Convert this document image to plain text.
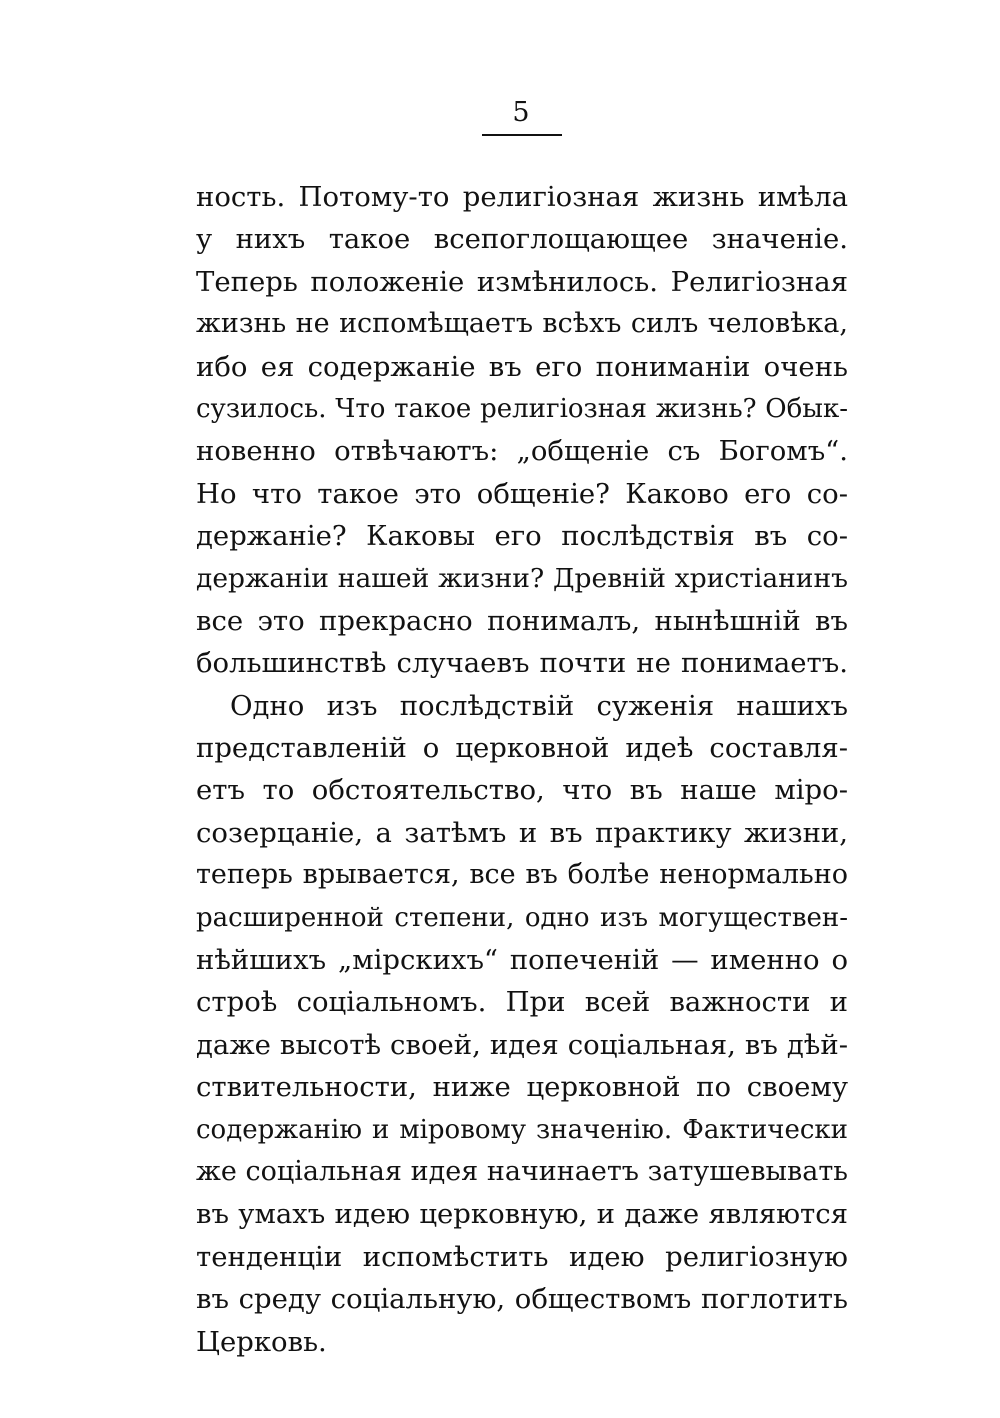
5
ность. Потому-то религіозная жизнь имѣла
у нихъ такое всепоглощающее значеніе.
Теперь положеніе измѣнилось. Религіозная
жизнь не испомѣщаетъ всѣхъ силъ человѣка,
ибо ея содержаніе въ его пониманіи очень
сузилось. Что такое религіозная жизнь? Обык-
новенно отвѣчаютъ: „общеніе съ Богомъ“.
Но что такое это общеніе? Каково его со-
держаніе? Каковы его послѣдствія въ со-
держаніи нашей жизни? Древній христіанинъ
все это прекрасно понималъ, нынѣшній въ
большинствѣ случаевъ почти не понимаетъ.
Одно изъ послѣдствій суженія нашихъ
представленій о церковной идеѣ составля-
етъ то обстоятельство, что въ наше міро-
созерцаніе, а затѣмъ и въ практику жизни,
теперь врывается, все въ болѣе ненормально
расширенной степени, одно изъ могуществен-
нѣйшихъ „мірскихъ“ попеченій — именно о
строѣ соціальномъ. При всей важности и
даже высотѣ своей, идея соціальная, въ дѣй-
ствительности, ниже церковной по своему
содержанію и міровому значенію. Фактически
же соціальная идея начинаетъ затушевывать
въ умахъ идею церковную, и даже являются
тенденціи испомѣстить идею религіозную
въ среду соціальную, обществомъ поглотить
Церковь.
